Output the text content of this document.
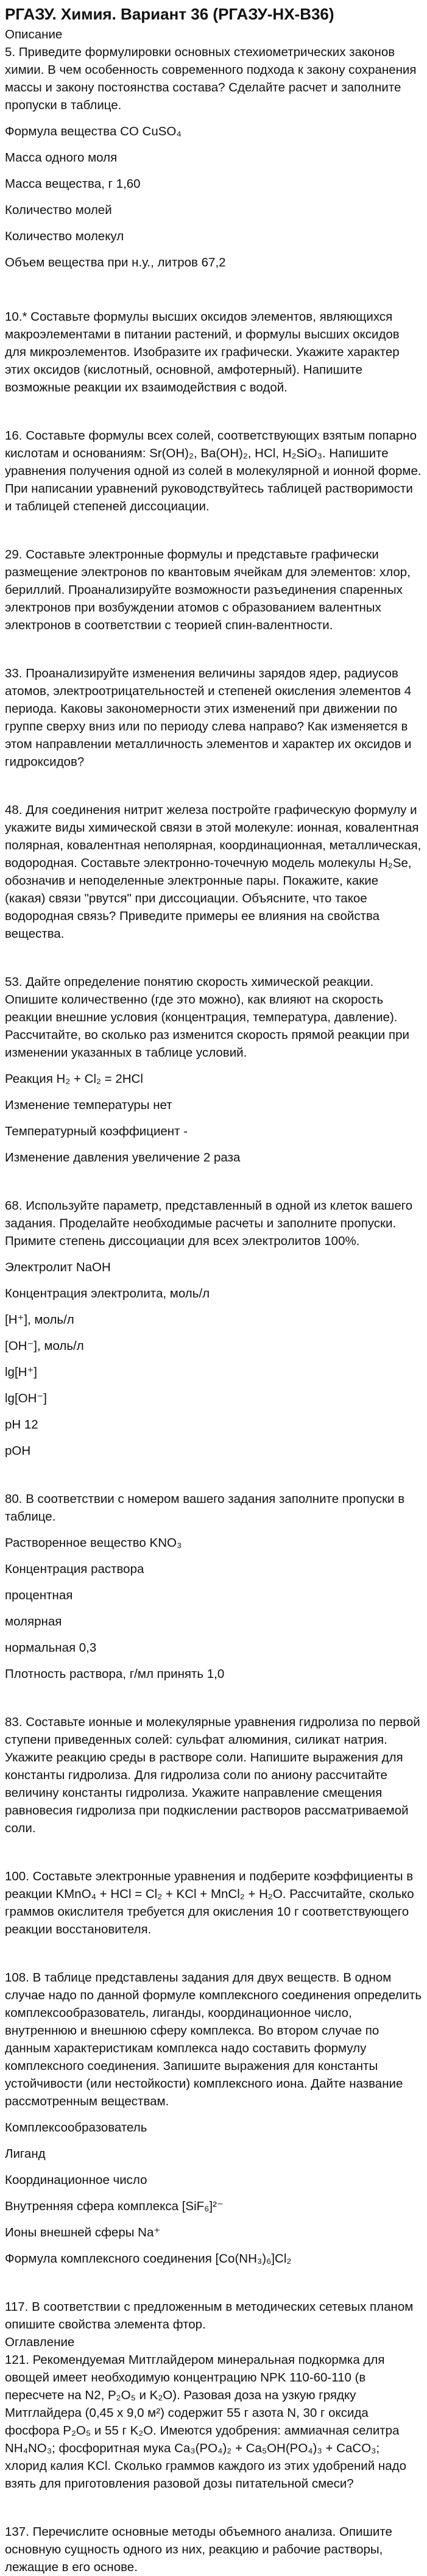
РГАЗУ. Химия. Вариант 36 (РГАЗУ-НХ-В36)

Описание

5. Приведите формулировки основных стехиометрических законов химии. В чем особенность современного подхода к закону сохранения массы и закону постоянства состава? Сделайте расчет и заполните пропуски в таблице.

Формула вещества CO CuSO₄

Масса одного моля

Масса вещества, г 1,60

Количество молей

Количество молекул

Объем вещества при н.у., литров 67,2

10.* Составьте формулы высших оксидов элементов, являющихся макроэлементами в питании растений, и формулы высших оксидов для микроэлементов. Изобразите их графически. Укажите характер этих оксидов (кислотный, основной, амфотерный). Напишите возможные реакции их взаимодействия с водой.

16. Составьте формулы всех солей, соответствующих взятым попарно кислотам и основаниям: Sr(OH)₂, Ba(OH)₂, HCl, H₂SiO₃. Напишите уравнения получения одной из солей в молекулярной и ионной форме. При написании уравнений руководствуйтесь таблицей растворимости и таблицей степеней диссоциации.

29. Составьте электронные формулы и представьте графически размещение электронов по квантовым ячейкам для элементов: хлор, бериллий. Проанализируйте возможности разъединения спаренных электронов при возбуждении атомов с образованием валентных электронов в соответствии с теорией спин-валентности.

33. Проанализируйте изменения величины зарядов ядер, радиусов атомов, электроотрицательностей и степеней окисления элементов 4 периода. Каковы закономерности этих изменений при движении по группе сверху вниз или по периоду слева направо? Как изменяется в этом направлении металличность элементов и характер их оксидов и гидроксидов?

48. Для соединения нитрит железа постройте графическую формулу и укажите виды химической связи в этой молекуле: ионная, ковалентная полярная, ковалентная неполярная, координационная, металлическая, водородная. Составьте электронно-точечную модель молекулы H₂Se, обозначив и неподеленные электронные пары. Покажите, какие (какая) связи "рвутся" при диссоциации. Объясните, что такое водородная связь? Приведите примеры ее влияния на свойства вещества.

53. Дайте определение понятию скорость химической реакции. Опишите количественно (где это можно), как влияют на скорость реакции внешние условия (концентрация, температура, давление). Рассчитайте, во сколько раз изменится скорость прямой реакции при изменении указанных в таблице условий.

Реакция H₂ + Cl₂ = 2HCl

Изменение температуры нет

Температурный коэффициент -

Изменение давления увеличение 2 раза

68. Используйте параметр, представленный в одной из клеток вашего задания. Проделайте необходимые расчеты и заполните пропуски. Примите степень диссоциации для всех электролитов 100%.

Электролит NaOH

Концентрация электролита, моль/л

[H⁺], моль/л

[OH⁻], моль/л

lg[H⁺]

lg[OH⁻]

pH 12

pOH

80. В соответствии с номером вашего задания заполните пропуски в таблице.

Растворенное вещество KNO₃

Концентрация раствора

процентная

молярная

нормальная 0,3

Плотность раствора, г/мл принять 1,0

83. Составьте ионные и молекулярные уравнения гидролиза по первой ступени приведенных солей: сульфат алюминия, силикат натрия. Укажите реакцию среды в растворе соли. Напишите выражения для константы гидролиза. Для гидролиза соли по аниону рассчитайте величину константы гидролиза. Укажите направление смещения равновесия гидролиза при подкислении растворов рассматриваемой соли.

100. Составьте электронные уравнения и подберите коэффициенты в реакции KMnO₄ + HCl = Cl₂ + KCl + MnCl₂ + H₂O. Рассчитайте, сколько граммов окислителя требуется для окисления 10 г соответствующего реакции восстановителя.

108. В таблице представлены задания для двух веществ. В одном случае надо по данной формуле комплексного соединения определить комплексообразователь, лиганды, координационное число, внутреннюю и внешнюю сферу комплекса. Во втором случае по данным характеристикам комплекса надо составить формулу комплексного соединения. Запишите выражения для константы устойчивости (или нестойкости) комплексного иона. Дайте название рассмотренным веществам.

Комплексообразователь

Лиганд

Координационное число

Внутренняя сфера комплекса [SiF₆]²⁻

Ионы внешней сферы Na⁺

Формула комплексного соединения [Co(NH₃)₆]Cl₂

117. В соответствии с предложенным в методических сетевых планом опишите свойства элемента фтор.

Оглавление

121. Рекомендуемая Митглайдером минеральная подкормка для овощей имеет необходимую концентрацию NPK 110-60-110 (в пересчете на N2, P₂O₅ и K₂O). Разовая доза на узкую грядку Митглайдера (0,45 х 9,0 м²) содержит 55 г азота N, 30 г оксида фосфора P₂O₅ и 55 г K₂O. Имеются удобрения: аммиачная селитра NH₄NO₃; фосфоритная мука Ca₃(PO₄)₂ + Ca₅OH(PO₄)₃ + CaCO₃; хлорид калия KCl. Сколько граммов каждого из этих удобрений надо взять для приготовления разовой дозы питательной смеси?

137. Перечислите основные методы объемного анализа. Опишите основную сущность одного из них, реакцию и рабочие растворы, лежащие в его основе.
